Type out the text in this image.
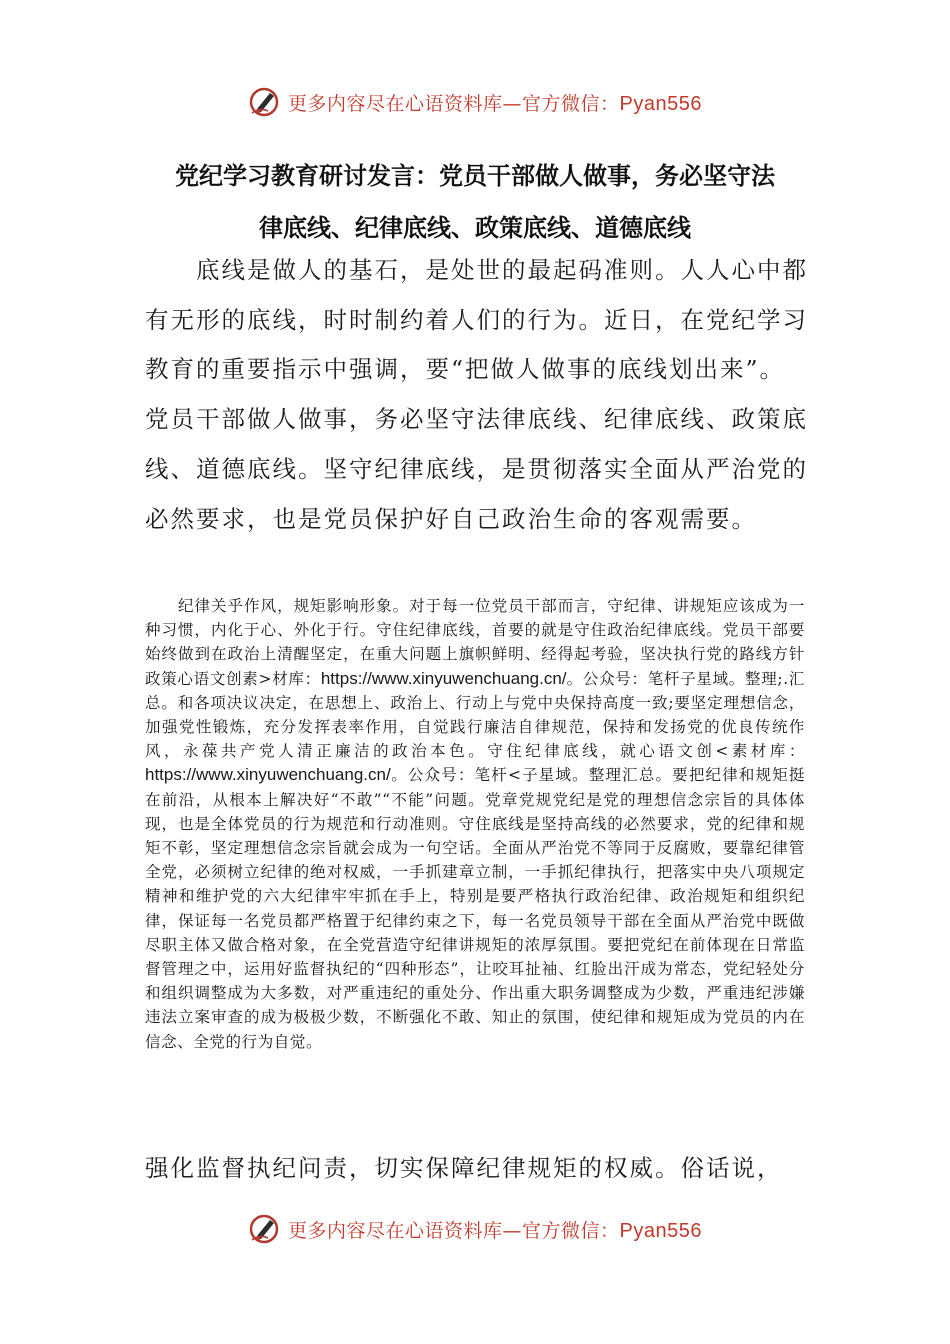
更多内容尽在心语资料库—官方微信：Pyan556
党纪学习教育研讨发言：党员干部做人做事，务必坚守法
律底线、纪律底线、政策底线、道德底线
　　底线是做人的基石，是处世的最起码准则。人人心中都有无形的底线，时时制约着人们的行为。近日，在党纪学习教育的重要指示中强调，要“把做人做事的底线划出来”。党员干部做人做事，务必坚守法律底线、纪律底线、政策底线、道德底线。坚守纪律底线，是贯彻落实全面从严治党的必然要求，也是党员保护好自己政治生命的客观需要。
　　纪律关乎作风，规矩影响形象。对于每一位党员干部而言，守纪律、讲规矩应该成为一种习惯，内化于心、外化于行。守住纪律底线，首要的就是守住政治纪律底线。党员干部要始终做到在政治上清醒坚定，在重大问题上旗帜鲜明、经得起考验，坚决执行党的路线方针政策心语文创素>材库：https://www.xinyuwenchuang.cn/。公众号：笔杆子星域。整理;.汇总。和各项决议决定，在思想上、政治上、行动上与党中央保持高度一致;要坚定理想信念，加强党性锻炼，充分发挥表率作用，自觉践行廉洁自律规范，保持和发扬党的优良传统作风，永葆共产党人清正廉洁的政治本色。守住纪律底线，就心语文创<素材库：https://www.xinyuwenchuang.cn/。公众号：笔杆<子星域。整理汇总。要把纪律和规矩挺在前沿，从根本上解决好“不敢”“不能”问题。党章党规党纪是党的理想信念宗旨的具体体现，也是全体党员的行为规范和行动准则。守住底线是坚持高线的必然要求，党的纪律和规矩不彰，坚定理想信念宗旨就会成为一句空话。全面从严治党不等同于反腐败，要靠纪律管全党，必须树立纪律的绝对权威，一手抓建章立制，一手抓纪律执行，把落实中央八项规定精神和维护党的六大纪律牢牢抓在手上，特别是要严格执行政治纪律、政治规矩和组织纪律，保证每一名党员都严格置于纪律约束之下，每一名党员领导干部在全面从严治党中既做尽职主体又做合格对象，在全党营造守纪律讲规矩的浓厚氛围。要把党纪在前体现在日常监督管理之中，运用好监督执纪的“四种形态”，让咬耳扯袖、红脸出汗成为常态，党纪轻处分和组织调整成为大多数，对严重违纪的重处分、作出重大职务调整成为少数，严重违纪涉嫌违法立案审查的成为极极少数，不断强化不敢、知止的氛围，使纪律和规矩成为党员的内在信念、全党的行为自觉。
强化监督执纪问责，切实保障纪律规矩的权威。俗话说，
更多内容尽在心语资料库—官方微信：Pyan556
